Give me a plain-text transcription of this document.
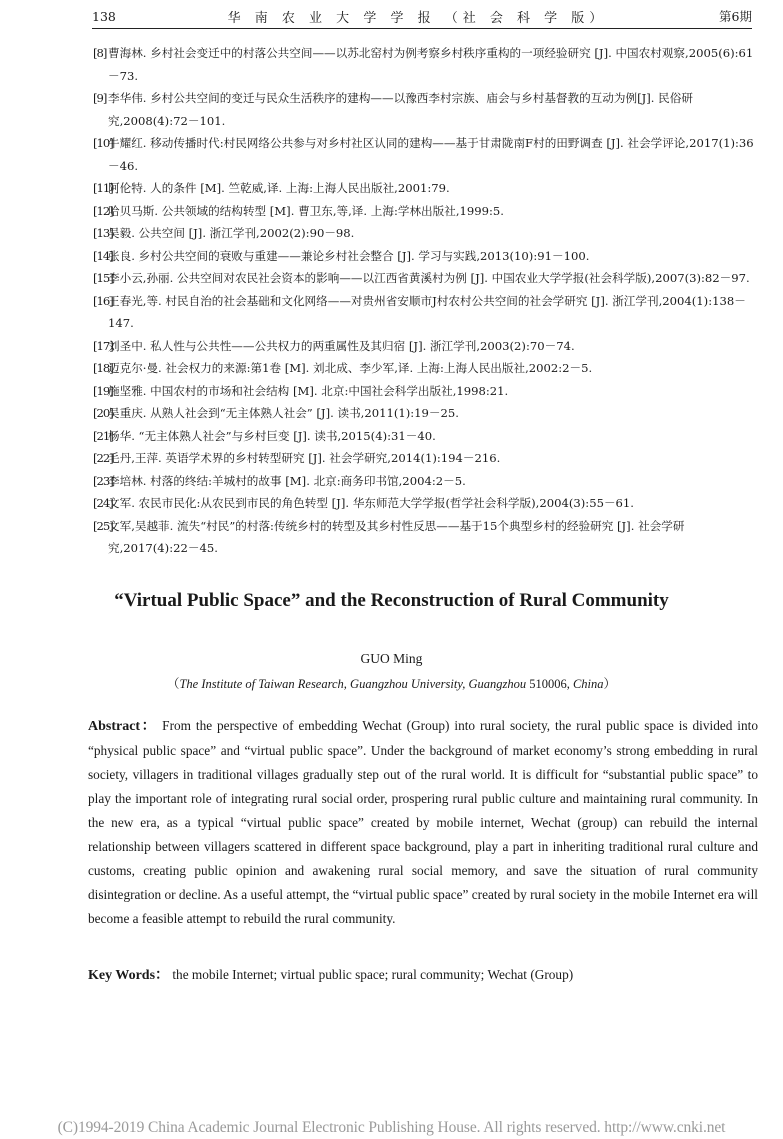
138	华 南 农 业 大 学 学 报 （社 会 科 学 版）	第6期
[8] 曹海林. 乡村社会变迁中的村落公共空间——以苏北窑村为例考察乡村秩序重构的一项经验研究 [J]. 中国农村观察,2005(6):61－73.
[9] 李华伟. 乡村公共空间的变迁与民众生活秩序的建构——以豫西李村宗族、庙会与乡村基督教的互动为例[J]. 民俗研究,2008(4):72－101.
[10]
牛耀红. 移动传播时代:村民网络公共参与对乡村社区认同的建构——基于甘肃陇南F村的田野调查 [J]. 社会学评论,2017(1):36－46.
[11]
阿伦特. 人的条件 [M]. 竺乾威,译. 上海:上海人民出版社,2001:79.
[12]
哈贝马斯. 公共领域的结构转型 [M]. 曹卫东,等,译. 上海:学林出版社,1999:5.
[13]
吴毅. 公共空间 [J]. 浙江学刊,2002(2):90－98.
[14]
张良. 乡村公共空间的衰败与重建——兼论乡村社会整合 [J]. 学习与实践,2013(10):91－100.
[15]
李小云,孙丽. 公共空间对农民社会资本的影响——以江西省黄溪村为例 [J]. 中国农业大学学报(社会科学版),2007(3):82－97.
[16]
王春光,等. 村民自治的社会基础和文化网络——对贵州省安顺市J村农村公共空间的社会学研究 [J]. 浙江学刊,2004(1):138－147.
[17]
刘圣中. 私人性与公共性——公共权力的两重属性及其归宿 [J]. 浙江学刊,2003(2):70－74.
[18]
迈克尔·曼. 社会权力的来源:第1卷 [M]. 刘北成、李少军,译. 上海:上海人民出版社,2002:2－5.
[19]
施坚雅. 中国农村的市场和社会结构 [M]. 北京:中国社会科学出版社,1998:21.
[20]
吴重庆. 从熟人社会到“无主体熟人社会” [J]. 读书,2011(1):19－25.
[21]
杨华. “无主体熟人社会”与乡村巨变 [J]. 读书,2015(4):31－40.
[22]
毛丹,王萍. 英语学术界的乡村转型研究 [J]. 社会学研究,2014(1):194－216.
[23]
李培林. 村落的终结:羊城村的故事 [M]. 北京:商务印书馆,2004:2－5.
[24]
文军. 农民市民化:从农民到市民的角色转型 [J]. 华东师范大学学报(哲学社会科学版),2004(3):55－61.
[25]
文军,吴越菲. 流失“村民”的村落:传统乡村的转型及其乡村性反思——基于15个典型乡村的经验研究 [J]. 社会学研究,2017(4):22－45.
“Virtual Public Space” and the Reconstruction of Rural Community
GUO Ming
（The Institute of Taiwan Research, Guangzhou University, Guangzhou 510006, China）
Abstract： From the perspective of embedding Wechat (Group) into rural society, the rural public space is divided into “physical public space” and “virtual public space”. Under the background of market economy’s strong embedding in rural society, villagers in traditional villages gradually step out of the rural world. It is difficult for “substantial public space” to play the important role of integrating rural social order, prospering rural public culture and maintaining rural community. In the new era, as a typical “virtual public space” created by mobile internet, Wechat (group) can rebuild the internal relationship between villagers scattered in different space background, play a part in inheriting traditional rural culture and customs, creating public opinion and awakening rural social memory, and save the situation of rural community disintegration or decline. As a useful attempt, the “virtual public space” created by rural society in the mobile Internet era will become a feasible attempt to rebuild the rural community.
Key Words： the mobile Internet; virtual public space; rural community; Wechat (Group)
(C)1994-2019 China Academic Journal Electronic Publishing House. All rights reserved. http://www.cnki.net
